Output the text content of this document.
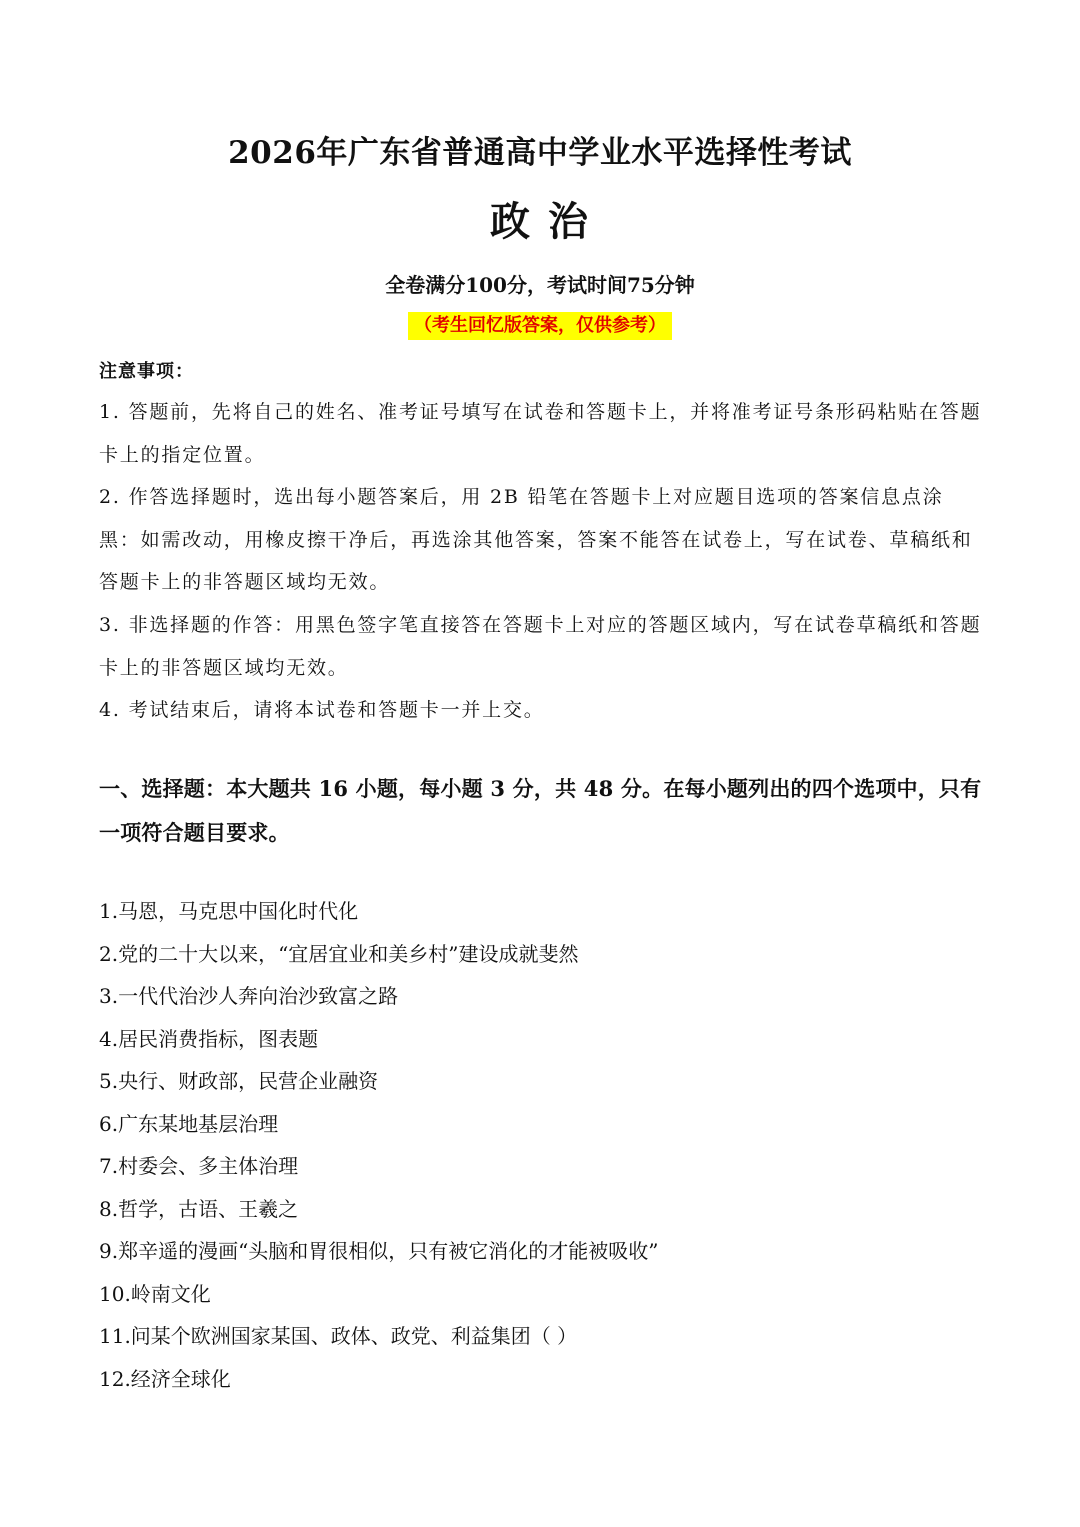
2026年广东省普通高中学业水平选择性考试
政 治
全卷满分100分，考试时间75分钟
（考生回忆版答案，仅供参考）
注意事项：

1. 答题前，先将自己的姓名、准考证号填写在试卷和答题卡上，并将准考证号条形码粘贴在答题卡上的指定位置。

2. 作答选择题时，选出每小题答案后，用 2B 铅笔在答题卡上对应题目选项的答案信息点涂黑：如需改动，用橡皮擦干净后，再选涂其他答案，答案不能答在试卷上，写在试卷、草稿纸和答题卡上的非答题区域均无效。

3. 非选择题的作答：用黑色签字笔直接答在答题卡上对应的答题区域内，写在试卷草稿纸和答题卡上的非答题区域均无效。

4. 考试结束后，请将本试卷和答题卡一并上交。

一、选择题：本大题共 16 小题，每小题 3 分，共 48 分。在每小题列出的四个选项中，只有一项符合题目要求。
1.马恩，马克思中国化时代化
2.党的二十大以来，“宜居宜业和美乡村”建设成就斐然
3.一代代治沙人奔向治沙致富之路
4.居民消费指标，图表题
5.央行、财政部，民营企业融资
6.广东某地基层治理
7.村委会、多主体治理
8.哲学，古语、王羲之
9.郑辛遥的漫画“头脑和胃很相似，只有被它消化的才能被吸收”
10.岭南文化
11.问某个欧洲国家某国、政体、政党、利益集团（ ）
12.经济全球化
